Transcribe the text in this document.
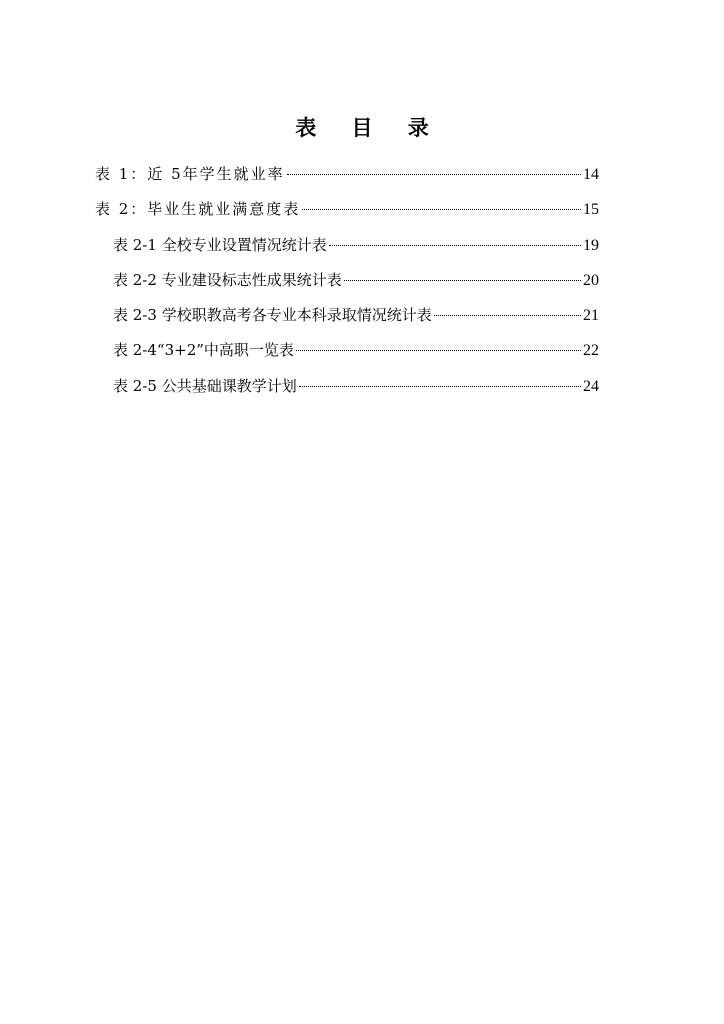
表 目 录
表 1：近 5年学生就业率	14
表 2：毕业生就业满意度表	15
表 2-1 全校专业设置情况统计表	19
表 2-2 专业建设标志性成果统计表	20
表 2-3 学校职教高考各专业本科录取情况统计表	21
表 2-4“3+2”中高职一览表	22
表 2-5 公共基础课教学计划	24
